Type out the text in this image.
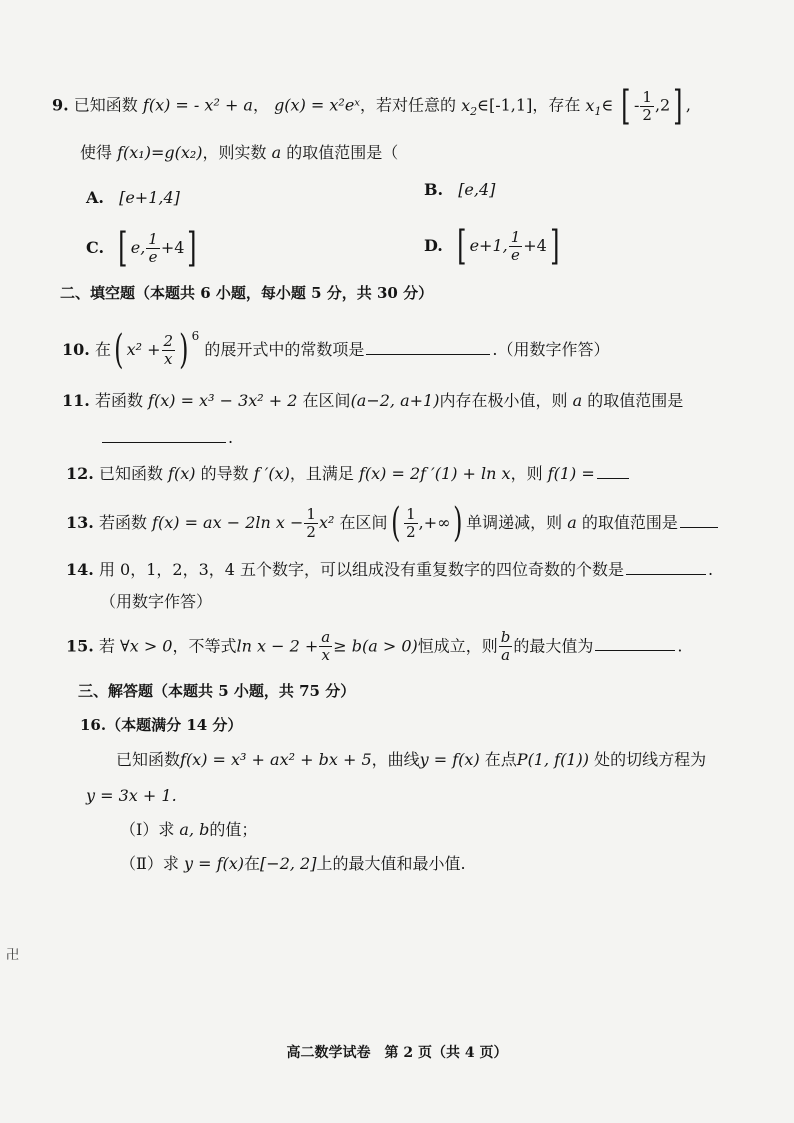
9. 已知函数 f(x) = - x² + a， g(x) = x²eˣ，若对任意的 $x_2\in[-1,1]$，存在 $x_1\in$ [ - $\frac{1}{2} ,2$] ,
使得 f(x₁)=g(x₂)，则实数 a 的取值范围是（
A. [e+1,4]	B. [e,4]
C. [ e, $\frac{1}{e} +4$]	D. [ e+1, $\frac{1}{e} +4$]
二、填空题（本题共 6 小题，每小题 5 分，共 30 分）
10. 在( $x^2 + \frac{2}{x}$ ) $^6$ 的展开式中的常数项是	.（用数字作答）
11. 若函数 f(x) = x³ − 3x² + 2 在区间(a−2, a+1)内存在极小值，则 a 的取值范围是
.
12. 已知函数 f(x) 的导数 f ′(x)，且满足 f(x) = 2f ′(1) + ln x，则 f(1) =
13. 若函数 f(x) = ax − 2ln $x - \frac{1}{2} x^2$ 在区间( $\frac{1}{2}$ ,+∞) 单调递减，则 a 的取值范围是
14. 用 0，1，2，3，4 五个数字，可以组成没有重复数字的四位奇数的个数是	.
（用数字作答）
15. 若 ∀x > 0，不等式$\ln x - 2 + \frac{a}{x} \ge b(a > 0)$恒成立，则 $\frac{b}{a}$ 的最大值为	.
三、解答题（本题共 5 小题，共 75 分）
16.（本题满分 14 分）
已知函数f(x) = x³ + ax² + bx + 5，曲线y = f(x) 在点P(1, f(1)) 处的切线方程为
y = 3x + 1.
（Ⅰ）求 a, b的值；
（Ⅱ）求 y = f(x)在[−2, 2]上的最大值和最小值.
卍
高二数学试卷　第 2 页（共 4 页）
